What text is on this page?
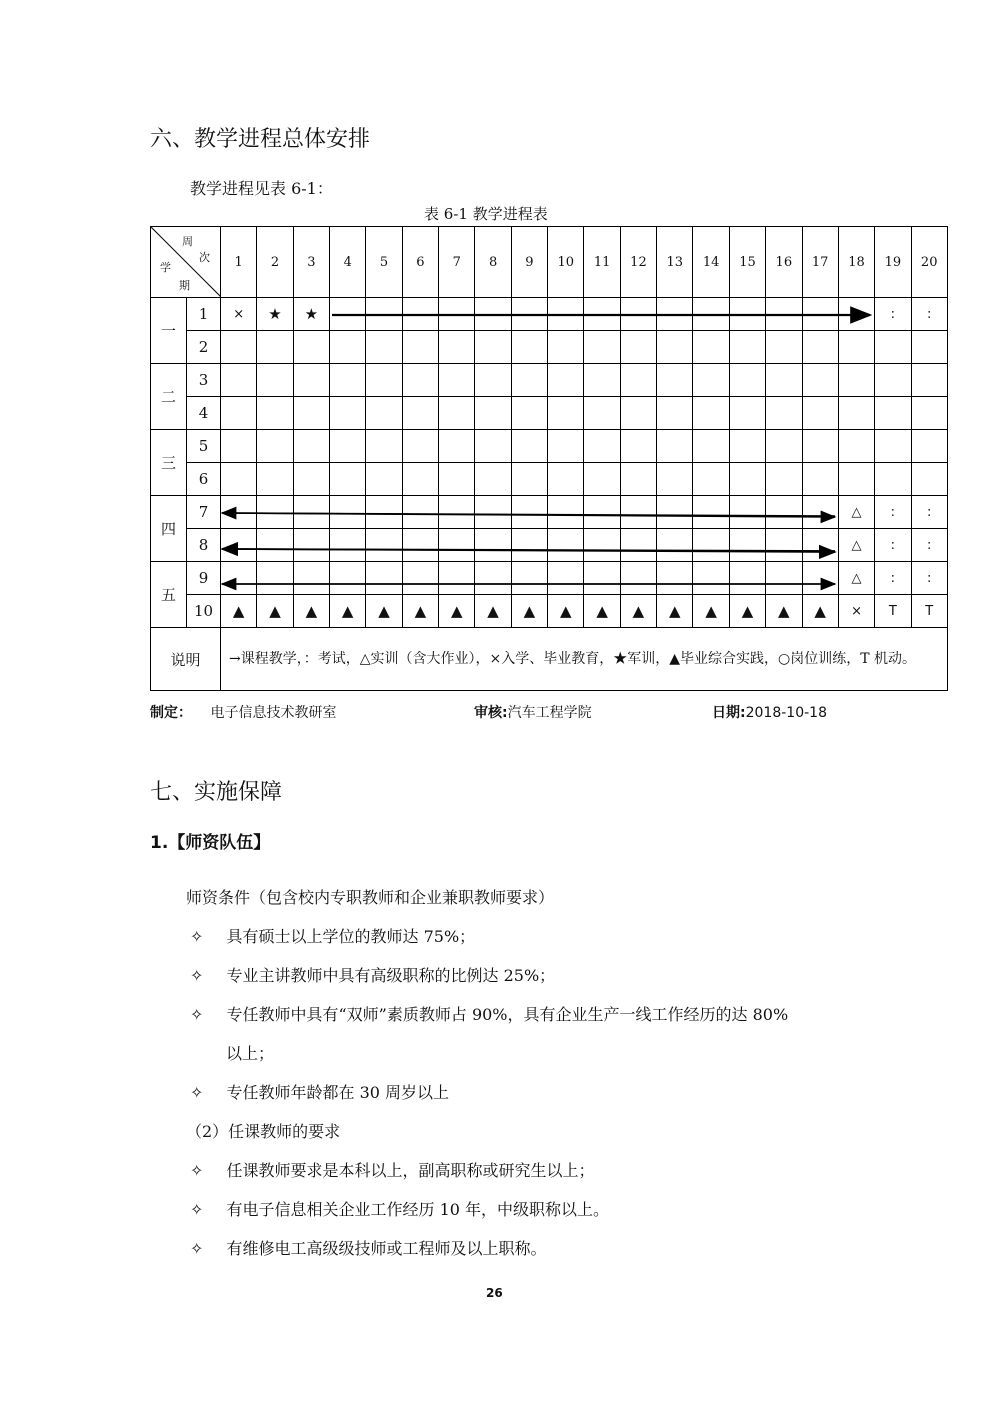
六、教学进程总体安排
教学进程见表 6-1：
表 6-1 教学进程表
周
次
学
期		1	2	3	4	5	6	7	8	9	10	11	12	13	14	15	16	17	18	19	20
一	1	×	★	★																:	:
	2																				
二	3																				
	4																				
三	5																				
	6																				
四	7																		△	:	:
	8																		△	:	:
五	9																		△	:	:
	10	▲	▲	▲	▲	▲	▲	▲	▲	▲	▲	▲	▲	▲	▲	▲	▲	▲	×	T	T
说明		→课程教学，：考试，△实训（含大作业），×入学、毕业教育，★军训，▲毕业综合实践，○岗位训练，T 机动。																			
制定： 电子信息技术教研室	审核:汽车工程学院	日期:2018-10-18
七、实施保障
1.【师资队伍】
师资条件（包含校内专职教师和企业兼职教师要求）
✧ 具有硕士以上学位的教师达 75%；
✧ 专业主讲教师中具有高级职称的比例达 25%；
✧ 专任教师中具有“双师”素质教师占 90%，具有企业生产一线工作经历的达 80%
以上；
✧ 专任教师年龄都在 30 周岁以上
（2）任课教师的要求
✧ 任课教师要求是本科以上，副高职称或研究生以上；
✧ 有电子信息相关企业工作经历 10 年，中级职称以上。
✧ 有维修电工高级级技师或工程师及以上职称。
26
